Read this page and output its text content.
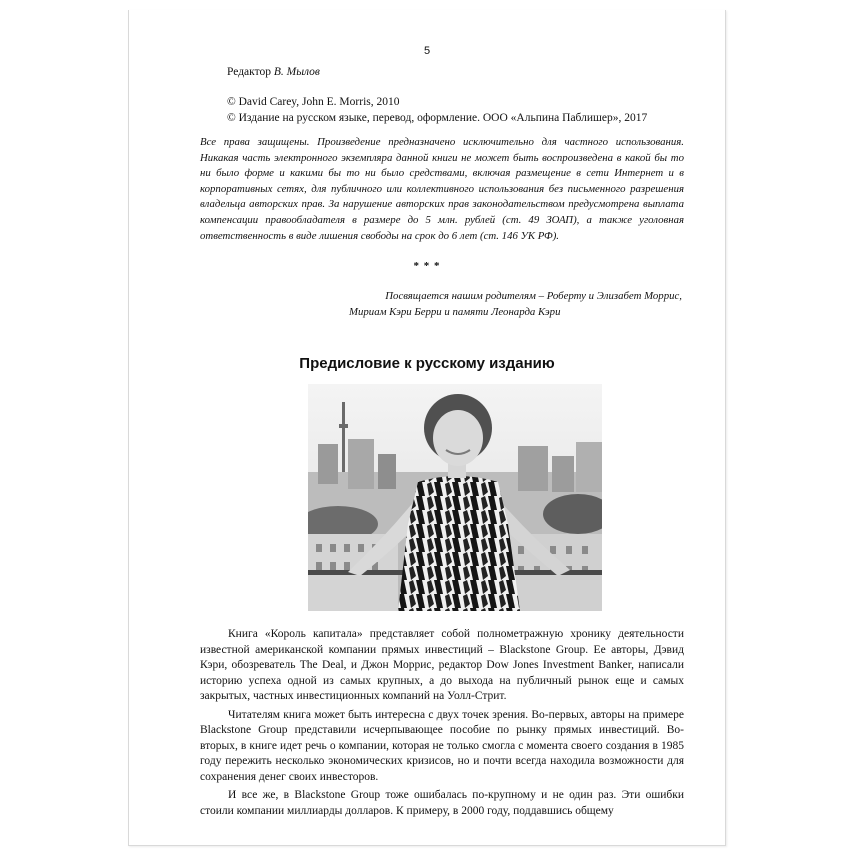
5
Редактор В. Мылов
© David Carey, John E. Morris, 2010
© Издание на русском языке, перевод, оформление. ООО «Альпина Паблишер», 2017
Все права защищены. Произведение предназначено исключительно для частного использования. Никакая часть электронного экземпляра данной книги не может быть воспроизведена в какой бы то ни было форме и какими бы то ни было средствами, включая размещение в сети Интернет и в корпоративных сетях, для публичного или коллективного использования без письменного разрешения владельца авторских прав. За нарушение авторских прав законодательством предусмотрена выплата компенсации правообладателя в размере до 5 млн. рублей (ст. 49 ЗОАП), а также уголовная ответственность в виде лишения свободы на срок до 6 лет (ст. 146 УК РФ).
* * *
Посвящается нашим родителям – Роберту и Элизабет Моррис,
Мириам Кэри Берри и памяти Леонарда Кэри
Предисловие к русскому изданию

Книга «Король капитала» представляет собой полнометражную хронику деятельности известной американской компании прямых инвестиций – Blackstone Group. Ее авторы, Дэвид Кэри, обозреватель The Deal, и Джон Моррис, редактор Dow Jones Investment Banker, написали историю успеха одной из самых крупных, а до выхода на публичный рынок еще и самых закрытых, частных инвестиционных компаний на Уолл-Стрит.

Читателям книга может быть интересна с двух точек зрения. Во-первых, авторы на примере Blackstone Group представили исчерпывающее пособие по рынку прямых инвестиций. Во-вторых, в книге идет речь о компании, которая не только смогла с момента своего создания в 1985 году пережить несколько экономических кризисов, но и почти всегда находила возможности для сохранения денег своих инвесторов.

И все же, в Blackstone Group тоже ошибалась по-крупному и не один раз. Эти ошибки стоили компании миллиарды долларов. К примеру, в 2000 году, поддавшись общему
